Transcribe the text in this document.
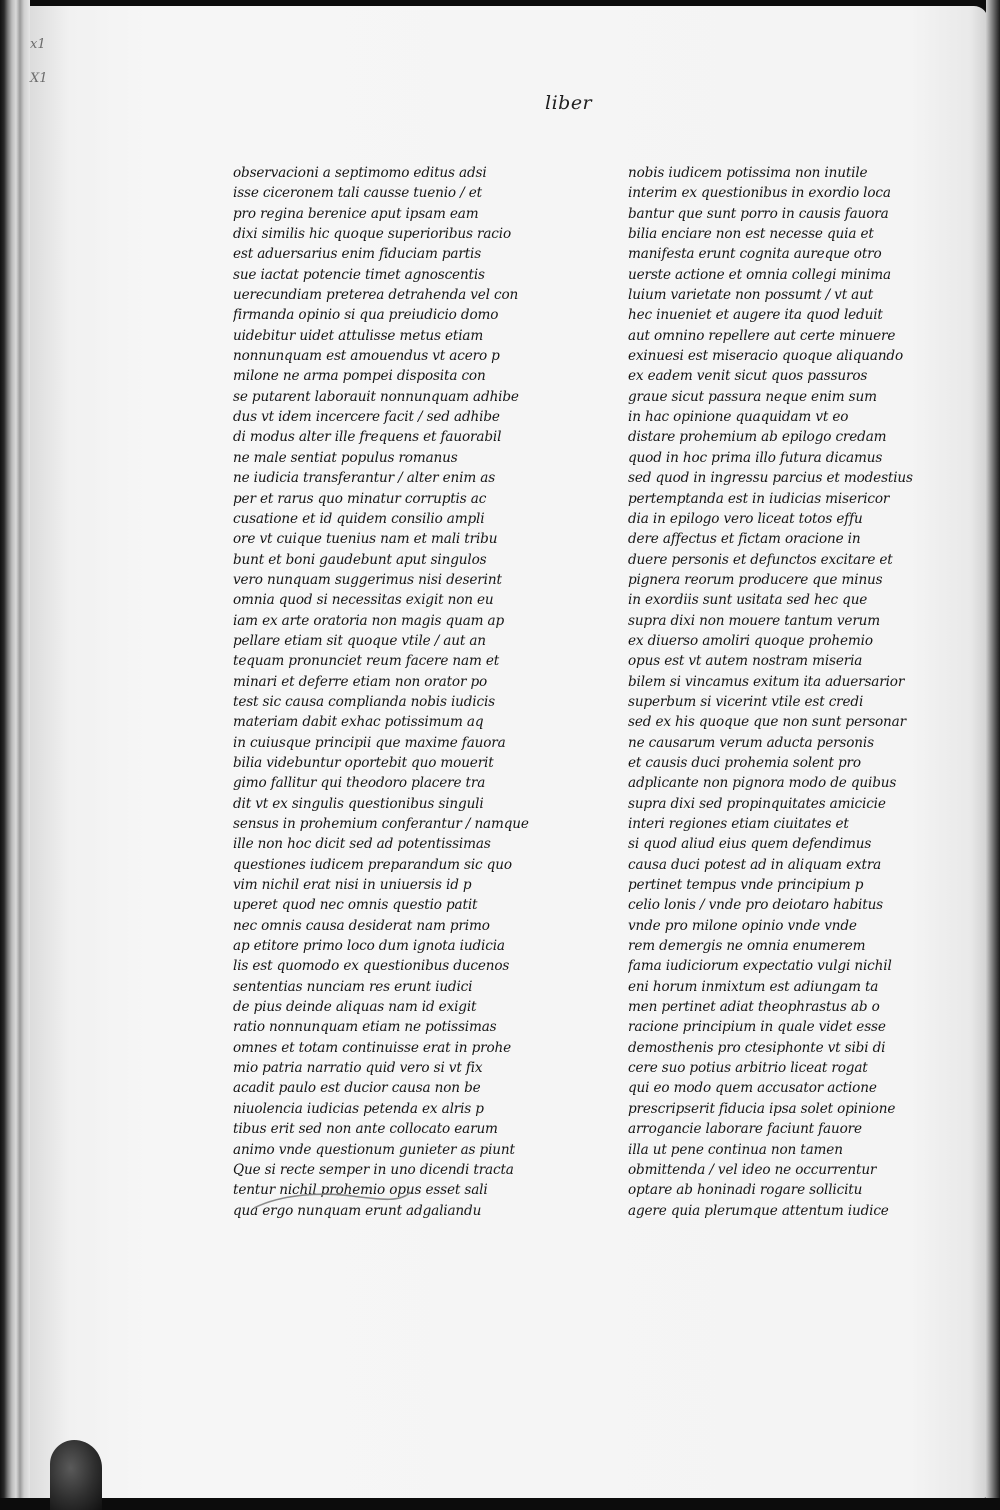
x1
X1
liber
observacioni a septimomo editus adsi
isse ciceronem tali causse tuenio / et
pro regina berenice aput ipsam eam
dixi similis hic quoque superioribus racio
est aduersarius enim fiduciam partis
sue iactat potencie timet agnoscentis
uerecundiam preterea detrahenda vel con
firmanda opinio si qua preiudicio domo
uidebitur uidet attulisse metus etiam
nonnunquam est amouendus vt acero p
milone ne arma pompei disposita con
se putarent laborauit nonnunquam adhibe
dus vt idem incercere facit / sed adhibe
di modus alter ille frequens et fauorabil
ne male sentiat populus romanus
ne iudicia transferantur / alter enim as
per et rarus quo minatur corruptis ac
cusatione et id quidem consilio ampli
ore vt cuique tuenius nam et mali tribu
bunt et boni gaudebunt aput singulos
vero nunquam suggerimus nisi deserint
omnia quod si necessitas exigit non eu
iam ex arte oratoria non magis quam ap
pellare etiam sit quoque vtile / aut an
tequam pronunciet reum facere nam et
minari et deferre etiam non orator po
test sic causa complianda nobis iudicis
materiam dabit exhac potissimum aq
in cuiusque principii que maxime fauora
bilia videbuntur oportebit quo mouerit
gimo fallitur qui theodoro placere tra
dit vt ex singulis questionibus singuli
sensus in prohemium conferantur / namque
ille non hoc dicit sed ad potentissimas
questiones iudicem preparandum sic quo
vim nichil erat nisi in uniuersis id p
uperet quod nec omnis questio patit
nec omnis causa desiderat nam primo
ap etitore primo loco dum ignota iudicia
lis est quomodo ex questionibus ducenos
sententias nunciam res erunt iudici
de pius deinde aliquas nam id exigit
ratio nonnunquam etiam ne potissimas
omnes et totam continuisse erat in prohe
mio patria narratio quid vero si vt fix
acadit paulo est ducior causa non be
niuolencia iudicias petenda ex alris p
tibus erit sed non ante collocato earum
animo vnde questionum gunieter as piunt
Que si recte semper in uno dicendi tracta
tentur nichil prohemio opus esset sali
qua ergo nunquam erunt adgaliandu
nobis iudicem potissima non inutile
interim ex questionibus in exordio loca
bantur que sunt porro in causis fauora
bilia enciare non est necesse quia et
manifesta erunt cognita aureque otro
uerste actione et omnia collegi minima
luium varietate non possumt / vt aut
hec inueniet et augere ita quod leduit
aut omnino repellere aut certe minuere
exinuesi est miseracio quoque aliquando
ex eadem venit sicut quos passuros
graue sicut passura neque enim sum
in hac opinione quaquidam vt eo
distare prohemium ab epilogo credam
quod in hoc prima illo futura dicamus
sed quod in ingressu parcius et modestius
pertemptanda est in iudicias misericor
dia in epilogo vero liceat totos effu
dere affectus et fictam oracione in
duere personis et defunctos excitare et
pignera reorum producere que minus
in exordiis sunt usitata sed hec que
supra dixi non mouere tantum verum
ex diuerso amoliri quoque prohemio
opus est vt autem nostram miseria
bilem si vincamus exitum ita aduersarior
superbum si vicerint vtile est credi
sed ex his quoque que non sunt personar
ne causarum verum aducta personis
et causis duci prohemia solent pro
adplicante non pignora modo de quibus
supra dixi sed propinquitates amicicie
interi regiones etiam ciuitates et
si quod aliud eius quem defendimus
causa duci potest ad in aliquam extra
pertinet tempus vnde principium p
celio lonis / vnde pro deiotaro habitus
vnde pro milone opinio vnde vnde
rem demergis ne omnia enumerem
fama iudiciorum expectatio vulgi nichil
eni horum inmixtum est adiungam ta
men pertinet adiat theophrastus ab o
racione principium in quale videt esse
demosthenis pro ctesiphonte vt sibi di
cere suo potius arbitrio liceat rogat
qui eo modo quem accusator actione
prescripserit fiducia ipsa solet opinione
arrogancie laborare faciunt fauore
illa ut pene continua non tamen
obmittenda / vel ideo ne occurrentur
optare ab honinadi rogare sollicitu
agere quia plerumque attentum iudice
